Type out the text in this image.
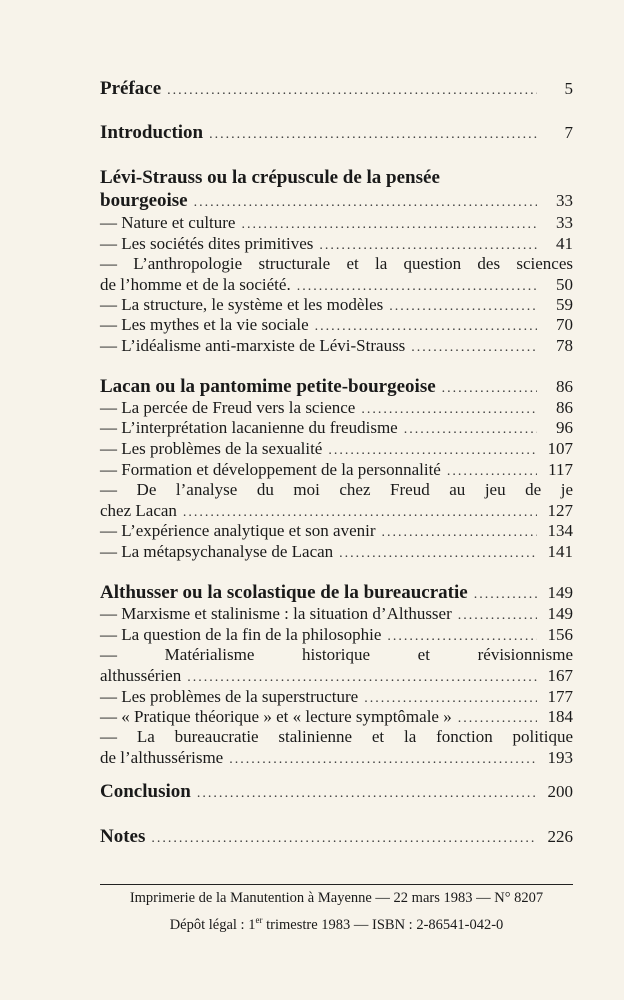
Préface .....	5
Introduction .....	7
Lévi-Strauss ou la crépuscule de la pensée
bourgeoise .....	33
— Nature et culture .....	33
— Les sociétés dites primitives .....	41
— L’anthropologie structurale et la question des sciences
de l’homme et de la société. .....	50
— La structure, le système et les modèles .....	59
— Les mythes et la vie sociale .....	70
— L’idéalisme anti-marxiste de Lévi-Strauss .....	78
Lacan ou la pantomime petite-bourgeoise .....	86
— La percée de Freud vers la science .....	86
— L’interprétation lacanienne du freudisme .....	96
— Les problèmes de la sexualité .....	107
— Formation et développement de la personnalité .....	117
— De l’analyse du moi chez Freud au jeu de je
chez Lacan .....	127
— L’expérience analytique et son avenir .....	134
— La métapsychanalyse de Lacan .....	141
Althusser ou la scolastique de la bureaucratie .....	149
— Marxisme et stalinisme : la situation d’Althusser .....	149
— La question de la fin de la philosophie .....	156
— Matérialisme historique et révisionnisme
althussérien .....	167
— Les problèmes de la superstructure .....	177
— « Pratique théorique » et « lecture symptômale » .....	184
— La bureaucratie stalinienne et la fonction politique
de l’althussérisme .....	193
Conclusion .....	200
Notes .....	226
Imprimerie de la Manutention à Mayenne — 22 mars 1983 — N° 8207
Dépôt légal : 1er trimestre 1983 — ISBN : 2-86541-042-0
